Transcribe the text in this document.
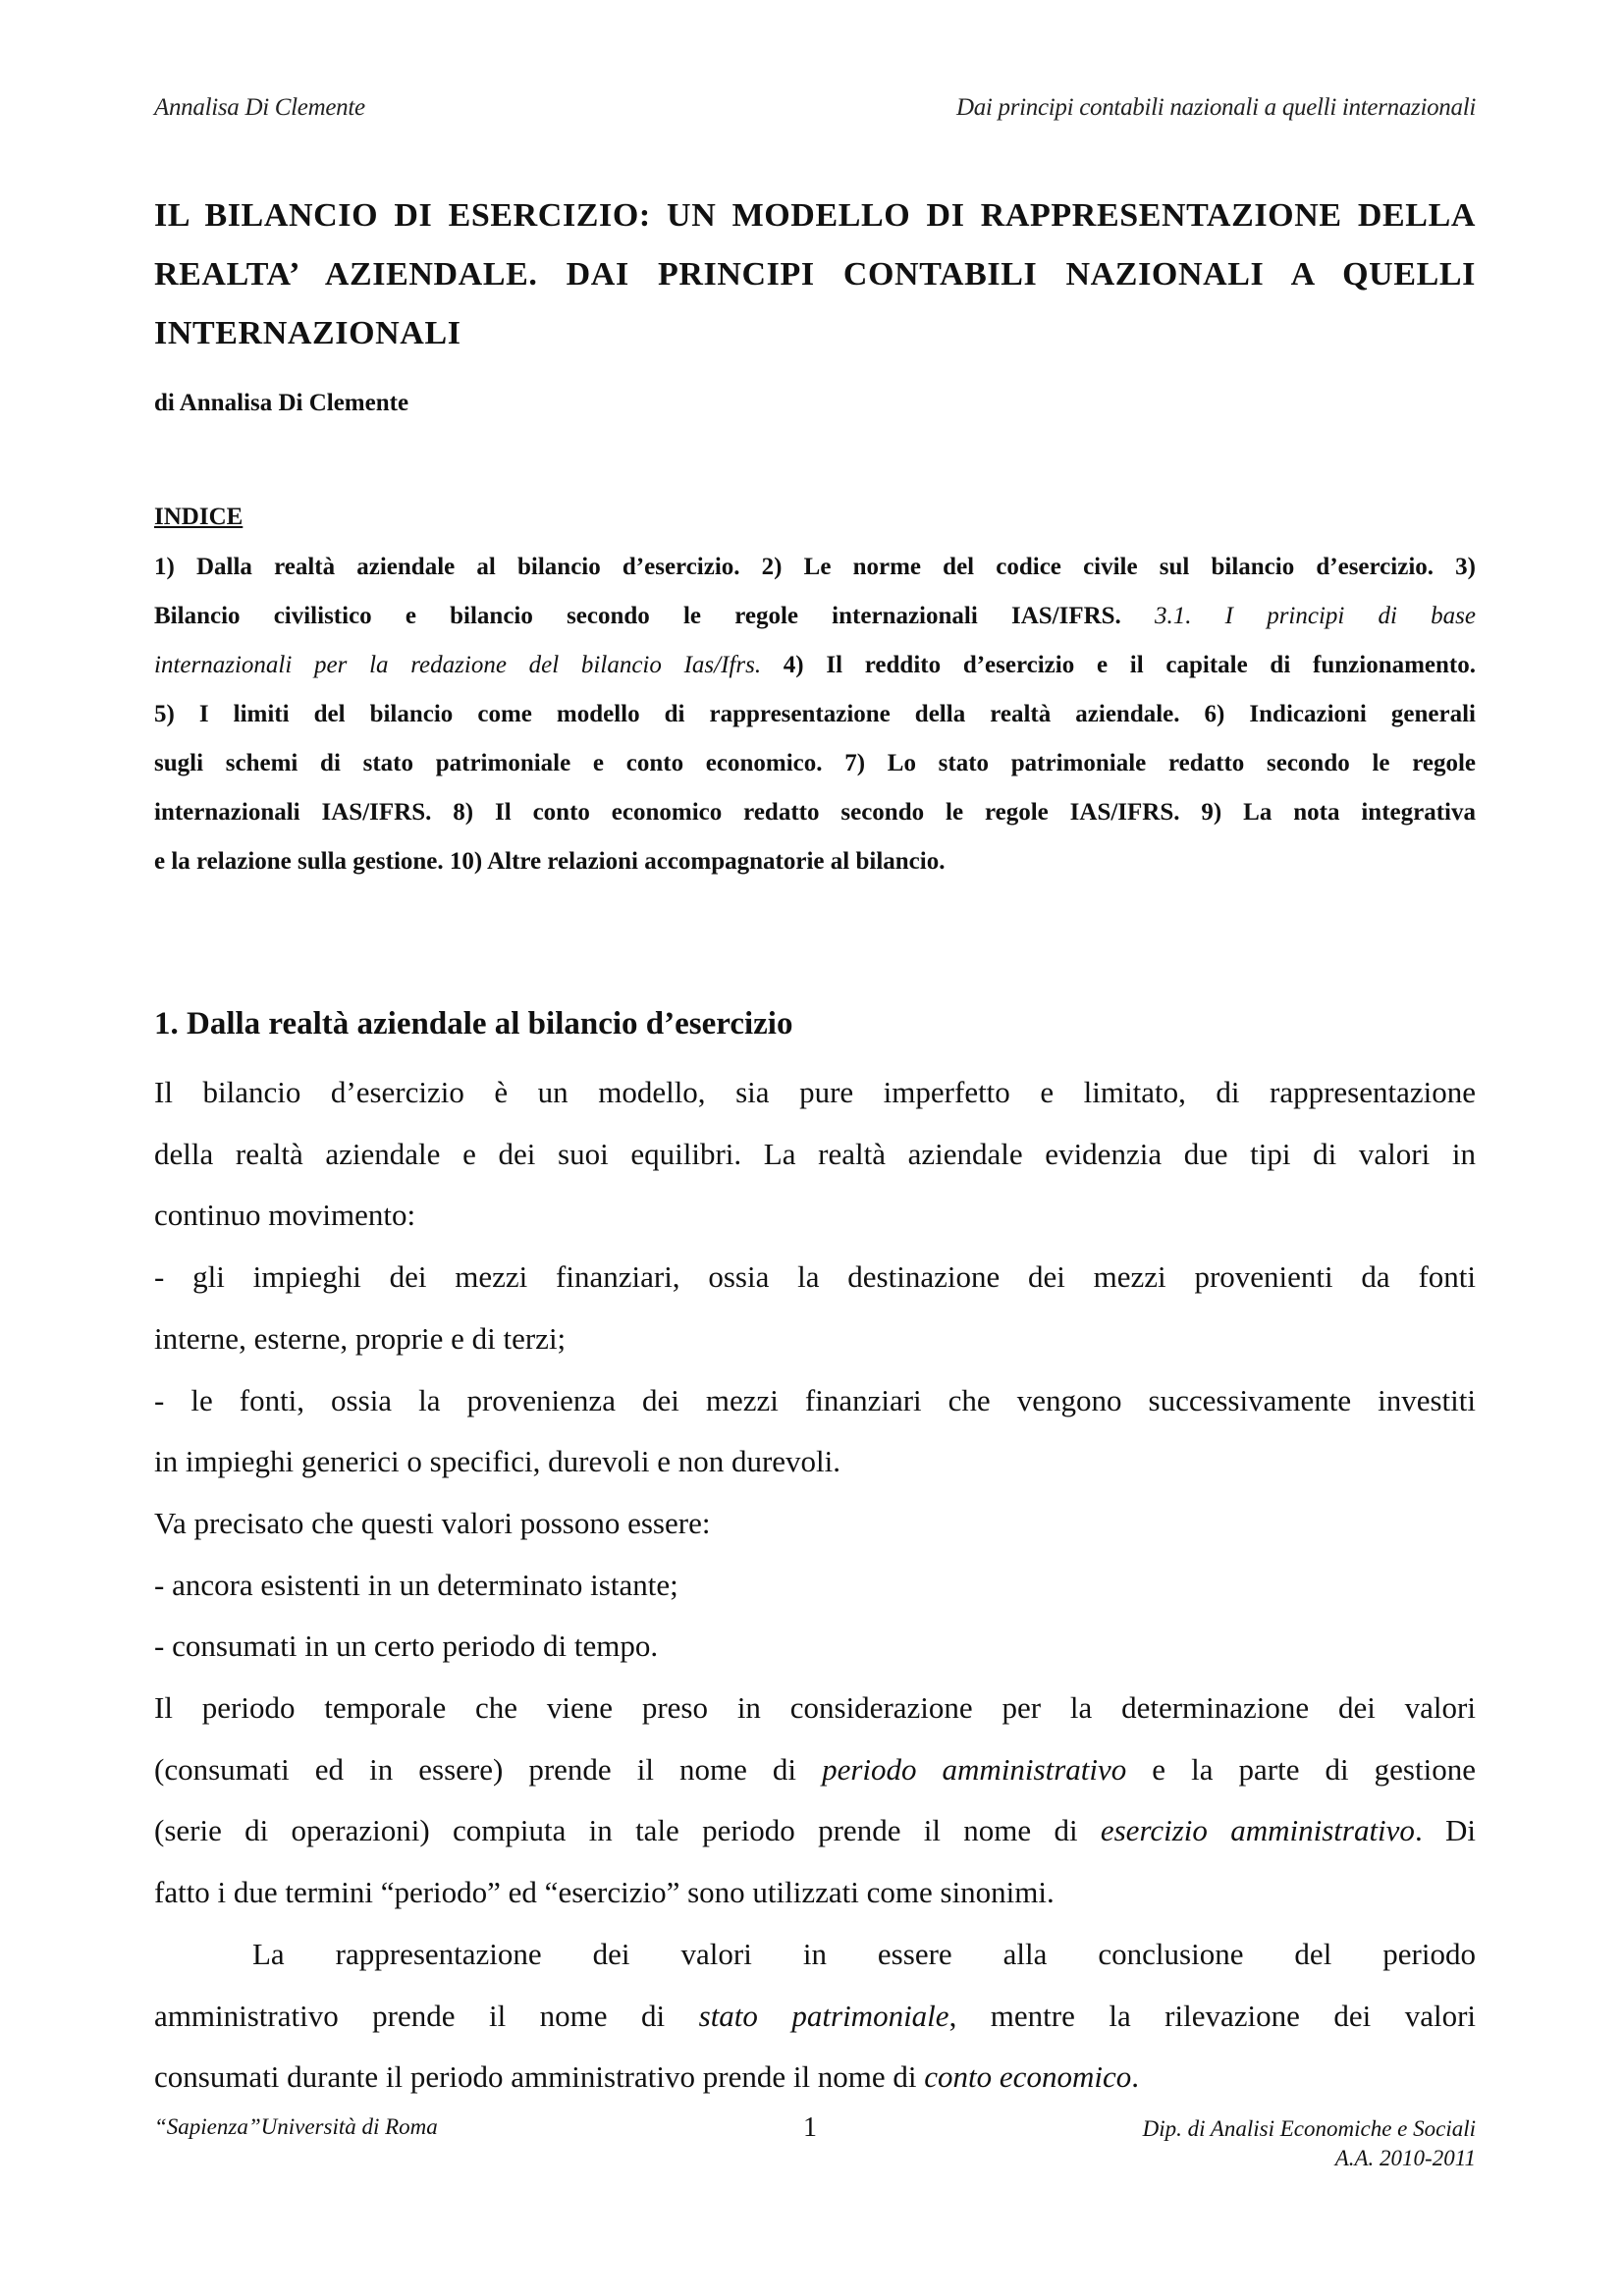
Annalisa Di Clemente	Dai principi contabili nazionali a quelli internazionali
IL BILANCIO DI ESERCIZIO: UN MODELLO DI RAPPRESENTAZIONE DELLA
REALTA’ AZIENDALE. DAI PRINCIPI CONTABILI NAZIONALI A QUELLI
INTERNAZIONALI
di Annalisa Di Clemente
INDICE
1) Dalla realtà aziendale al bilancio d’esercizio. 2) Le norme del codice civile sul bilancio d’esercizio. 3)
Bilancio civilistico e bilancio secondo le regole internazionali IAS/IFRS. 3.1. I principi di base
internazionali per la redazione del bilancio Ias/Ifrs. 4) Il reddito d’esercizio e il capitale di funzionamento.
5) I limiti del bilancio come modello di rappresentazione della realtà aziendale. 6) Indicazioni generali
sugli schemi di stato patrimoniale e conto economico. 7) Lo stato patrimoniale redatto secondo le regole
internazionali IAS/IFRS. 8) Il conto economico redatto secondo le regole IAS/IFRS. 9) La nota integrativa
e la relazione sulla gestione. 10) Altre relazioni accompagnatorie al bilancio.
1. Dalla realtà aziendale al bilancio d’esercizio
Il bilancio d’esercizio è un modello, sia pure imperfetto e limitato, di rappresentazione
della realtà aziendale e dei suoi equilibri. La realtà aziendale evidenzia due tipi di valori in
continuo movimento:
- gli impieghi dei mezzi finanziari, ossia la destinazione dei mezzi provenienti da fonti
interne, esterne, proprie e di terzi;
- le fonti, ossia la provenienza dei mezzi finanziari che vengono successivamente investiti
in impieghi generici o specifici, durevoli e non durevoli.
Va precisato che questi valori possono essere:
- ancora esistenti in un determinato istante;
- consumati in un certo periodo di tempo.
Il periodo temporale che viene preso in considerazione per la determinazione dei valori
(consumati ed in essere) prende il nome di periodo amministrativo e la parte di gestione
(serie di operazioni) compiuta in tale periodo prende il nome di esercizio amministrativo. Di
fatto i due termini “periodo” ed “esercizio” sono utilizzati come sinonimi.
La rappresentazione dei valori in essere alla conclusione del periodo
amministrativo prende il nome di stato patrimoniale, mentre la rilevazione dei valori
consumati durante il periodo amministrativo prende il nome di conto economico.
“Sapienza”Università di Roma	1	Dip. di Analisi Economiche e Sociali
A.A. 2010-2011
